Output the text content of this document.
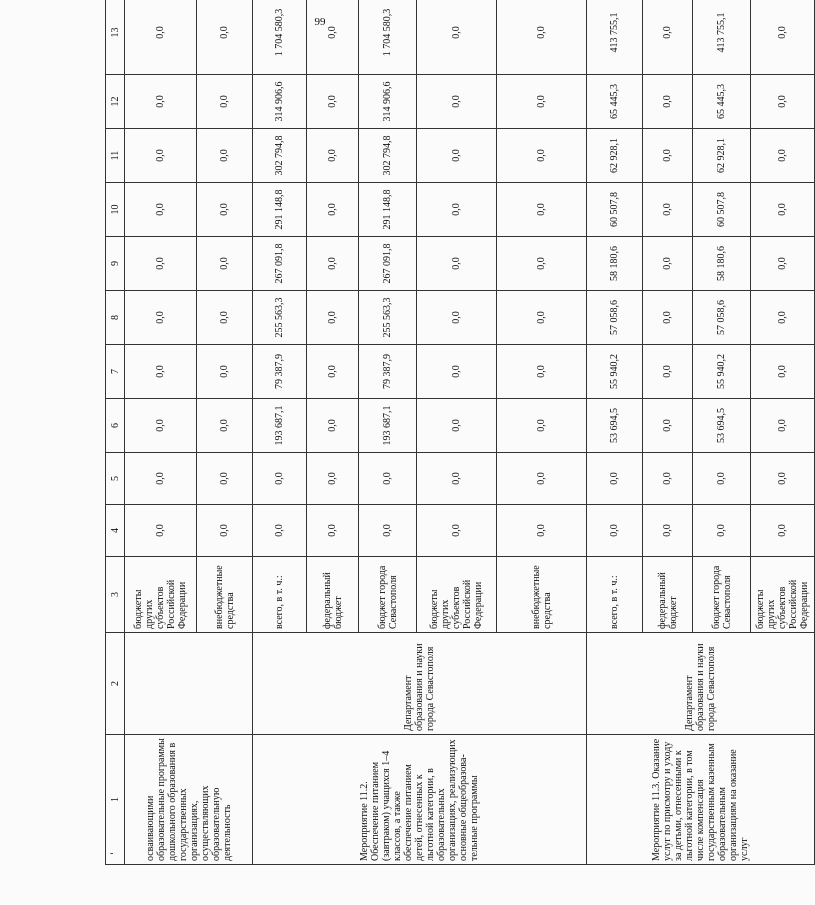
99
1	2	3	4	5	6	7	8	9	10	11	12	13
осваивающими образовательные программы дошкольного образования в государственных организациях, осуществляющих образовательную деятельность		бюджеты других субъектов Российской Федерации	0,0	0,0	0,0	0,0	0,0	0,0	0,0	0,0	0,0	0,0
		внебюджетные средства	0,0	0,0	0,0	0,0	0,0	0,0	0,0	0,0	0,0	0,0
Мероприятие 11.2. Обеспечение питанием (завтраком) учащихся 1–4 классов, а также обеспечение питанием детей, отнесенных к льготной категории, в образовательных организациях, реализующих основные общеобразова-тельные программы	Департамент образования и науки города Севастополя	всего, в т. ч.:	0,0	0,0	193 687,1	79 387,9	255 563,3	267 091,8	291 148,8	302 794,8	314 906,6	1 704 580,3
		федеральный бюджет	0,0	0,0	0,0	0,0	0,0	0,0	0,0	0,0	0,0	0,0
		бюджет города Севастополя	0,0	0,0	193 687,1	79 387,9	255 563,3	267 091,8	291 148,8	302 794,8	314 906,6	1 704 580,3
		бюджеты других субъектов Российской Федерации	0,0	0,0	0,0	0,0	0,0	0,0	0,0	0,0	0,0	0,0
		внебюджетные средства	0,0	0,0	0,0	0,0	0,0	0,0	0,0	0,0	0,0	0,0
Мероприятие 11.3. Оказание услуг по присмотру и уходу за детьми, отнесенными к льготной категории, в том числе компенсация государственным казенным образовательным организациям на оказание услуг	Департамент образования и науки города Севастополя	всего, в т. ч.:	0,0	0,0	53 694,5	55 940,2	57 058,6	58 180,6	60 507,8	62 928,1	65 445,3	413 755,1
		федеральный бюджет	0,0	0,0	0,0	0,0	0,0	0,0	0,0	0,0	0,0	0,0
		бюджет города Севастополя	0,0	0,0	53 694,5	55 940,2	57 058,6	58 180,6	60 507,8	62 928,1	65 445,3	413 755,1
		бюджеты других субъектов Российской Федерации	0,0	0,0	0,0	0,0	0,0	0,0	0,0	0,0	0,0	0,0
-
